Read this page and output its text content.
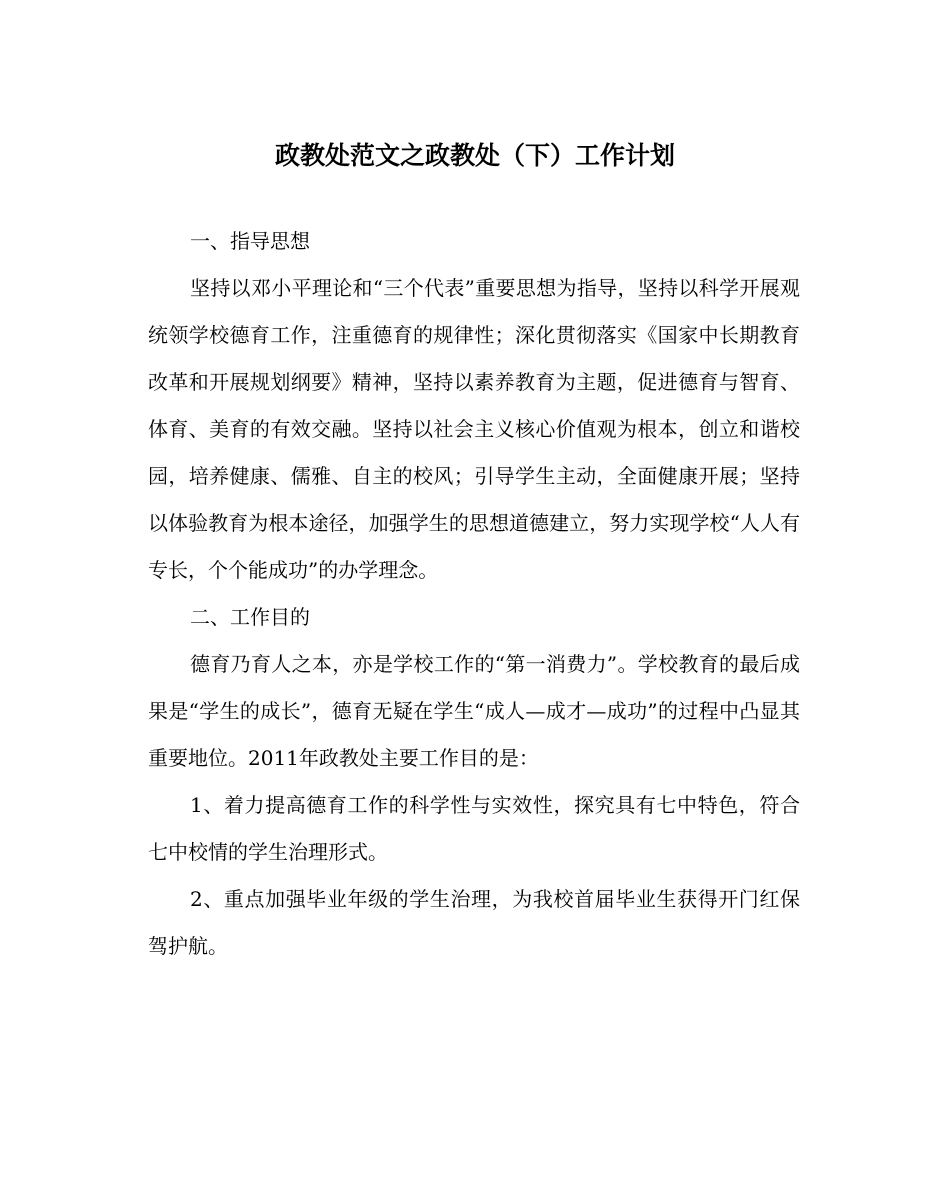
政教处范文之政教处（下）工作计划

一、指导思想

坚持以邓小平理论和“三个代表”重要思想为指导，坚持以科学开展观统领学校德育工作，注重德育的规律性；深化贯彻落实《国家中长期教育改革和开展规划纲要》精神，坚持以素养教育为主题，促进德育与智育、体育、美育的有效交融。坚持以社会主义核心价值观为根本，创立和谐校园，培养健康、儒雅、自主的校风；引导学生主动，全面健康开展；坚持以体验教育为根本途径，加强学生的思想道德建立，努力实现学校“人人有专长，个个能成功”的办学理念。

二、工作目的

德育乃育人之本，亦是学校工作的“第一消费力”。学校教育的最后成果是“学生的成长”，德育无疑在学生“成人—成才—成功”的过程中凸显其重要地位。2011年政教处主要工作目的是：

1、着力提高德育工作的科学性与实效性，探究具有七中特色，符合七中校情的学生治理形式。

2、重点加强毕业年级的学生治理，为我校首届毕业生获得开门红保驾护航。
